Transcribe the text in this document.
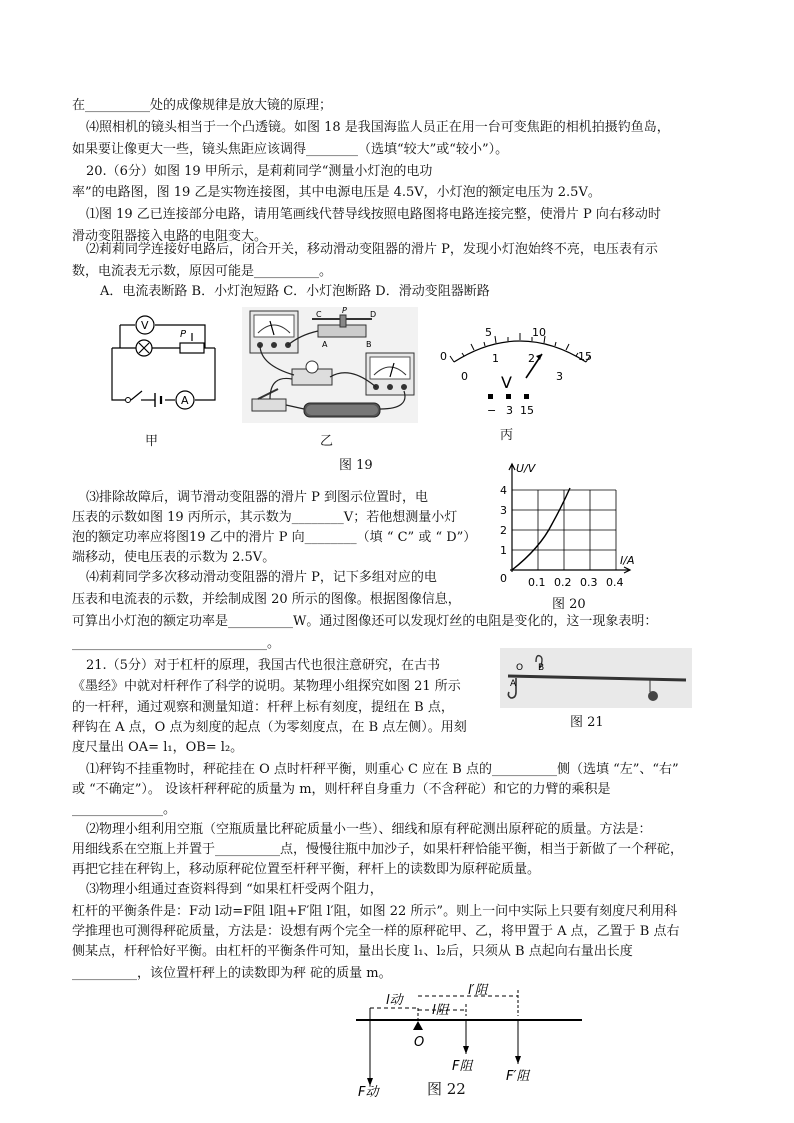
在__________处的成像规律是放大镜的原理；
⑷照相机的镜头相当于一个凸透镜。如图 18 是我国海监人员正在用一台可变焦距的相机拍摄钓鱼岛，
如果要让像更大一些，镜头焦距应该调得________（选填“较大”或“较小”）。
20.（6分）如图 19 甲所示，是莉莉同学“测量小灯泡的电功
率”的电路图，图 19 乙是实物连接图，其中电源电压是 4.5V，小灯泡的额定电压为 2.5V。
⑴图 19 乙已连接部分电路，请用笔画线代替导线按照电路图将电路连接完整，使滑片 P 向右移动时
滑动变阻器接入电路的电阻变大。
⑵莉莉同学连接好电路后，闭合开关，移动滑动变阻器的滑片 P，发现小灯泡始终不亮，电压表有示
数，电流表无示数，原因可能是__________。
A．电流表断路 B．小灯泡短路 C．小灯泡断路 D．滑动变阻器断路
V
A
P
甲
C	P	D
A	B
乙
0
5	10
15
0
1	2
3
V
− 3 15
丙
图 19
⑶排除故障后，调节滑动变阻器的滑片 P 到图示位置时，电
压表的示数如图 19 丙所示，其示数为________V；若他想测量小灯
泡的额定功率应将图19 乙中的滑片 P 向________（填 “ C” 或 “ D”）
端移动，使电压表的示数为 2.5V。
⑷莉莉同学多次移动滑动变阻器的滑片 P，记下多组对应的电
压表和电流表的示数，并绘制成图 20 所示的图像。根据图像信息，
可算出小灯泡的额定功率是__________W。通过图像还可以发现灯丝的电阻是变化的，这一现象表明：
______________________________。
U/V
I/A
4
3
2
1
0 0.1 0.2 0.3 0.4
图 20
21.（5分）对于杠杆的原理，我国古代也很注意研究，在古书
《墨经》中就对杆秤作了科学的说明。某物理小组探究如图 21 所示
的一杆秤，通过观察和测量知道：杆秤上标有刻度，提纽在 B 点，
秤钩在 A 点，O 点为刻度的起点（为零刻度点，在 B 点左侧）。用刻
度尺量出 OA= l₁，OB= l₂。
O B
A
图 21
⑴秤钩不挂重物时，秤砣挂在 O 点时杆秤平衡，则重心 C 应在 B 点的__________侧（选填 “左”、“右”
或 “不确定”）。 设该杆秤秤砣的质量为 m，则杆秤自身重力（不含秤砣）和它的力臂的乘积是
______________。
⑵物理小组利用空瓶（空瓶质量比秤砣质量小一些）、细线和原有秤砣测出原秤砣的质量。方法是：
用细线系在空瓶上并置于__________点，慢慢往瓶中加沙子，如果杆秤恰能平衡，相当于新做了一个秤砣，
再把它挂在秤钩上，移动原秤砣位置至杆秤平衡，秤杆上的读数即为原秤砣质量。
⑶物理小组通过查资料得到 “如果杠杆受两个阻力，
杠杆的平衡条件是：F动 l动=F阻 l阻+F′阻 l′阻，如图 22 所示”。则上一问中实际上只要有刻度尺利用科
学推理也可测得秤砣质量，方法是：设想有两个完全一样的原秤砣甲、乙，将甲置于 A 点，乙置于 B 点右
侧某点，杆秤恰好平衡。由杠杆的平衡条件可知，量出长度 l₁、l₂后，只须从 B 点起向右量出长度
__________，该位置杆秤上的读数即为秤 砣的质量 m。
l动
l阻
l′阻
O
F阻
F′阻
F动	图 22
